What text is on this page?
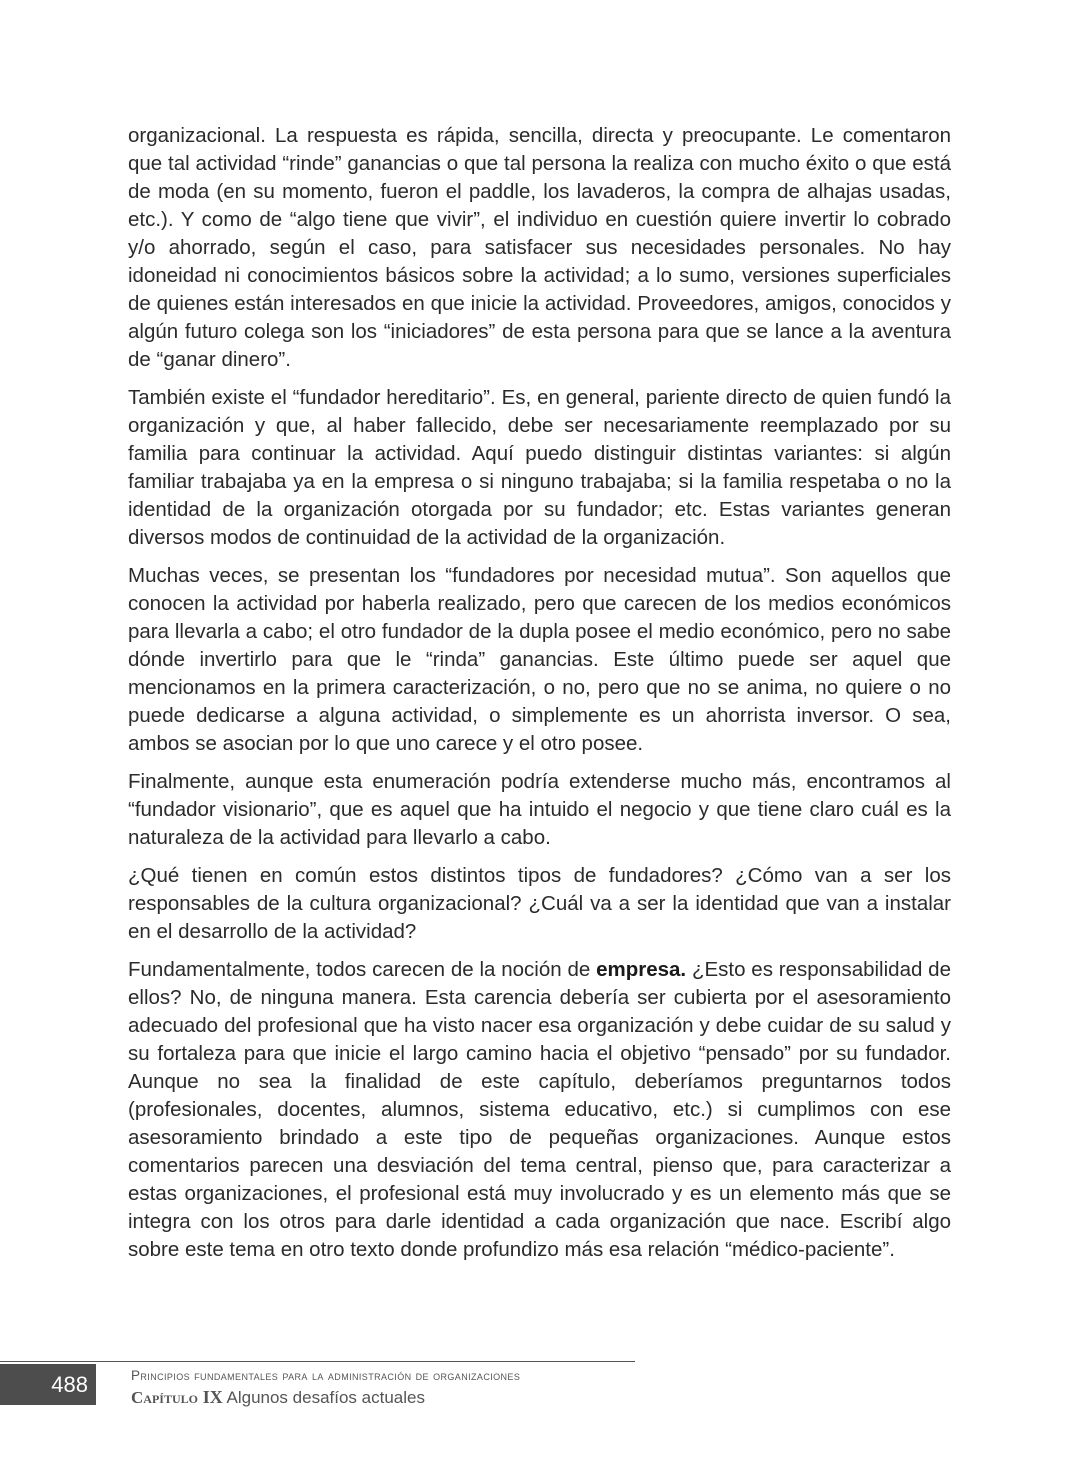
organizacional. La respuesta es rápida, sencilla, directa y preocupante. Le comentaron que tal actividad “rinde” ganancias o que tal persona la realiza con mucho éxito o que está de moda (en su momento, fueron el paddle, los lavaderos, la compra de alhajas usadas, etc.). Y como de “algo tiene que vivir”, el individuo en cuestión quiere invertir lo cobrado y/o ahorrado, según el caso, para satisfacer sus necesidades personales. No hay idoneidad ni conocimientos básicos sobre la actividad; a lo sumo, versiones superficiales de quienes están interesados en que inicie la actividad. Proveedores, amigos, conocidos y algún futuro colega son los “iniciadores” de esta persona para que se lance a la aventura de “ganar dinero”.

También existe el “fundador hereditario”. Es, en general, pariente directo de quien fundó la organización y que, al haber fallecido, debe ser necesariamente reemplazado por su familia para continuar la actividad. Aquí puedo distinguir distintas variantes: si algún familiar trabajaba ya en la empresa o si ninguno trabajaba; si la familia respetaba o no la identidad de la organización otorgada por su fundador; etc. Estas variantes generan diversos modos de continuidad de la actividad de la organización.

Muchas veces, se presentan los “fundadores por necesidad mutua”. Son aquellos que conocen la actividad por haberla realizado, pero que carecen de los medios económicos para llevarla a cabo; el otro fundador de la dupla posee el medio económico, pero no sabe dónde invertirlo para que le “rinda” ganancias. Este último puede ser aquel que mencionamos en la primera caracterización, o no, pero que no se anima, no quiere o no puede dedicarse a alguna actividad, o simplemente es un ahorrista inversor. O sea, ambos se asocian por lo que uno carece y el otro posee.

Finalmente, aunque esta enumeración podría extenderse mucho más, encontramos al “fundador visionario”, que es aquel que ha intuido el negocio y que tiene claro cuál es la naturaleza de la actividad para llevarlo a cabo.

¿Qué tienen en común estos distintos tipos de fundadores? ¿Cómo van a ser los responsables de la cultura organizacional? ¿Cuál va a ser la identidad que van a instalar en el desarrollo de la actividad?

Fundamentalmente, todos carecen de la noción de empresa. ¿Esto es responsabilidad de ellos? No, de ninguna manera. Esta carencia debería ser cubierta por el asesoramiento adecuado del profesional que ha visto nacer esa organización y debe cuidar de su salud y su fortaleza para que inicie el largo camino hacia el objetivo “pensado” por su fundador. Aunque no sea la finalidad de este capítulo, deberíamos preguntarnos todos (profesionales, docentes, alumnos, sistema educativo, etc.) si cumplimos con ese asesoramiento brindado a este tipo de pequeñas organizaciones. Aunque estos comentarios parecen una desviación del tema central, pienso que, para caracterizar a estas organizaciones, el profesional está muy involucrado y es un elemento más que se integra con los otros para darle identidad a cada organización que nace. Escribí algo sobre este tema en otro texto donde profundizo más esa relación “médico-paciente”.

488	Principios fundamentales para la administración de organizaciones
Capítulo IX Algunos desafíos actuales
